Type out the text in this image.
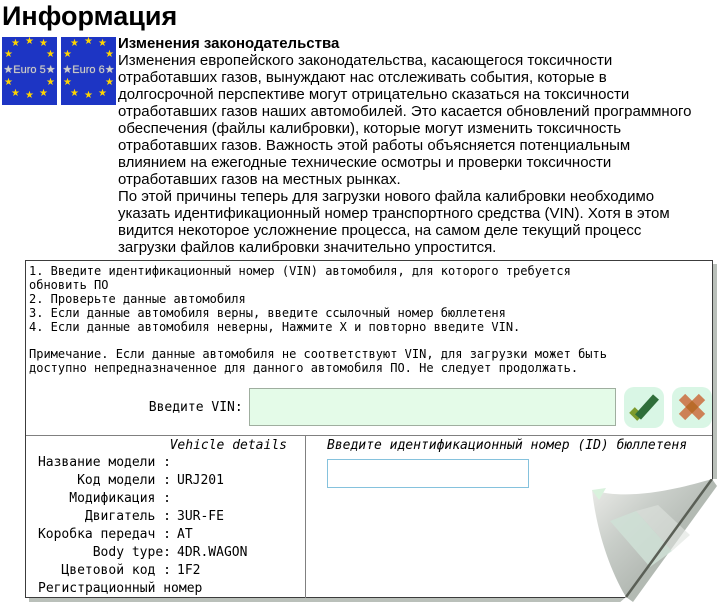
Информация
★ ★ ★
★	★
★	★
★ ★ ★
★Euro 5★
★ ★ ★
★	★
★	★
★ ★ ★
★Euro 6★
Изменения законодательства
Изменения европейского законодательства, касающегося токсичности отработавших газов, вынуждают нас отслеживать события, которые в долгосрочной перспективе могут отрицательно сказаться на токсичности отработавших газов наших автомобилей. Это касается обновлений программного обеспечения (файлы калибровки), которые могут изменить токсичность отработавших газов. Важность этой работы объясняется потенциальным влиянием на ежегодные технические осмотры и проверки токсичности отработавших газов на местных рынках.
По этой причины теперь для загрузки нового файла калибровки необходимо указать идентификационный номер транспортного средства (VIN). Хотя в этом видится некоторое усложнение процесса, на самом деле текущий процесс загрузки файлов калибровки значительно упростится.
1. Введите идентификационный номер (VIN) автомобиля, для которого требуется
обновить ПО
2. Проверьте данные автомобиля
3. Если данные автомобиля верны, введите ссылочный номер бюллетеня
4. Если данные автомобиля неверны, Нажмите X и повторно введите VIN.
Примечание. Если данные автомобиля не соответствуют VIN, для загрузки может быть
доступно непредназначенное для данного автомобиля ПО. Не следует продолжать.
Введите VIN:
Vehicle details
Название модели :
Код модели : URJ201
Модификация :
Двигатель : 3UR-FE
Коробка передач : AT
Body type: 4DR.WAGON
Цветовой код : 1F2
Регистрационный номер
Введите идентификационный номер (ID) бюллетеня
